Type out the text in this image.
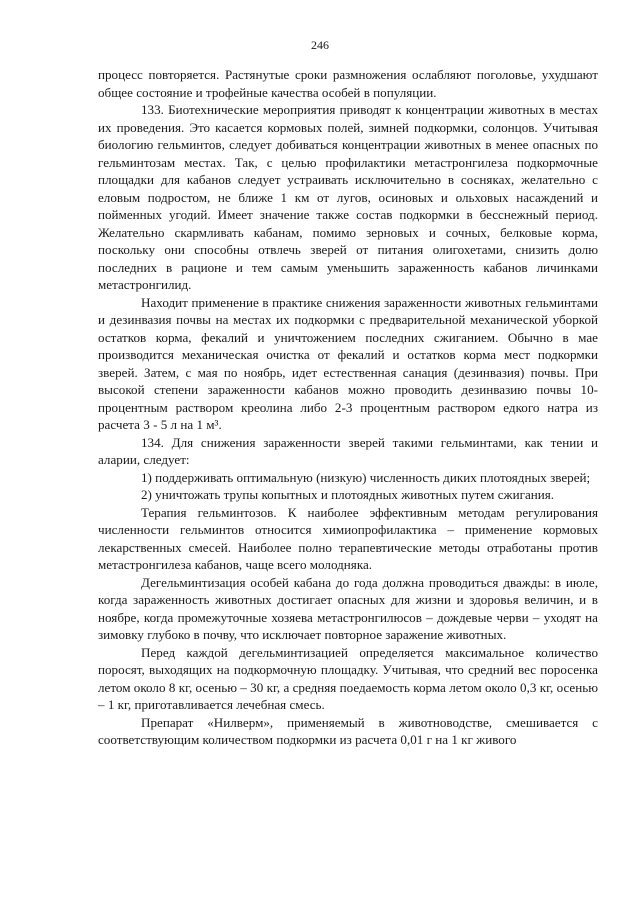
246

процесс повторяется. Растянутые сроки размножения ослабляют поголовье, ухудшают общее состояние и трофейные качества особей в популяции.

133. Биотехнические мероприятия приводят к концентрации животных в местах их проведения. Это касается кормовых полей, зимней подкормки, солонцов. Учитывая биологию гельминтов, следует добиваться концентрации животных в менее опасных по гельминтозам местах. Так, с целью профилактики метастронгилеза подкормочные площадки для кабанов следует устраивать исключительно в сосняках, желательно с еловым подростом, не ближе 1 км от лугов, осиновых и ольховых насаждений и пойменных угодий. Имеет значение также состав подкормки в бесснежный период. Желательно скармливать кабанам, помимо зерновых и сочных, белковые корма, поскольку они способны отвлечь зверей от питания олигохетами, снизить долю последних в рационе и тем самым уменьшить зараженность кабанов личинками метастронгилид.

Находит применение в практике снижения зараженности животных гельминтами и дезинвазия почвы на местах их подкормки с предварительной механической уборкой остатков корма, фекалий и уничтожением последних сжиганием. Обычно в мае производится механическая очистка от фекалий и остатков корма мест подкормки зверей. Затем, с мая по ноябрь, идет естественная санация (дезинвазия) почвы. При высокой степени зараженности кабанов можно проводить дезинвазию почвы 10-процентным раствором креолина либо 2-3 процентным раствором едкого натра из расчета 3 - 5 л на 1 м³.

134. Для снижения зараженности зверей такими гельминтами, как тении и аларии, следует:

1) поддерживать оптимальную (низкую) численность диких плотоядных зверей;

2) уничтожать трупы копытных и плотоядных животных путем сжигания.

Терапия гельминтозов. К наиболее эффективным методам регулирования численности гельминтов относится химиопрофилактика – применение кормовых лекарственных смесей. Наиболее полно терапевтические методы отработаны против метастронгилеза кабанов, чаще всего молодняка.

Дегельминтизация особей кабана до года должна проводиться дважды: в июле, когда зараженность животных достигает опасных для жизни и здоровья величин, и в ноябре, когда промежуточные хозяева метастронгилюсов – дождевые черви – уходят на зимовку глубоко в почву, что исключает повторное заражение животных.

Перед каждой дегельминтизацией определяется максимальное количество поросят, выходящих на подкормочную площадку. Учитывая, что средний вес поросенка летом около 8 кг, осенью – 30 кг, а средняя поедаемость корма летом около 0,3 кг, осенью – 1 кг, приготавливается лечебная смесь.

Препарат «Нилверм», применяемый в животноводстве, смешивается с соответствующим количеством подкормки из расчета 0,01 г на 1 кг живого
